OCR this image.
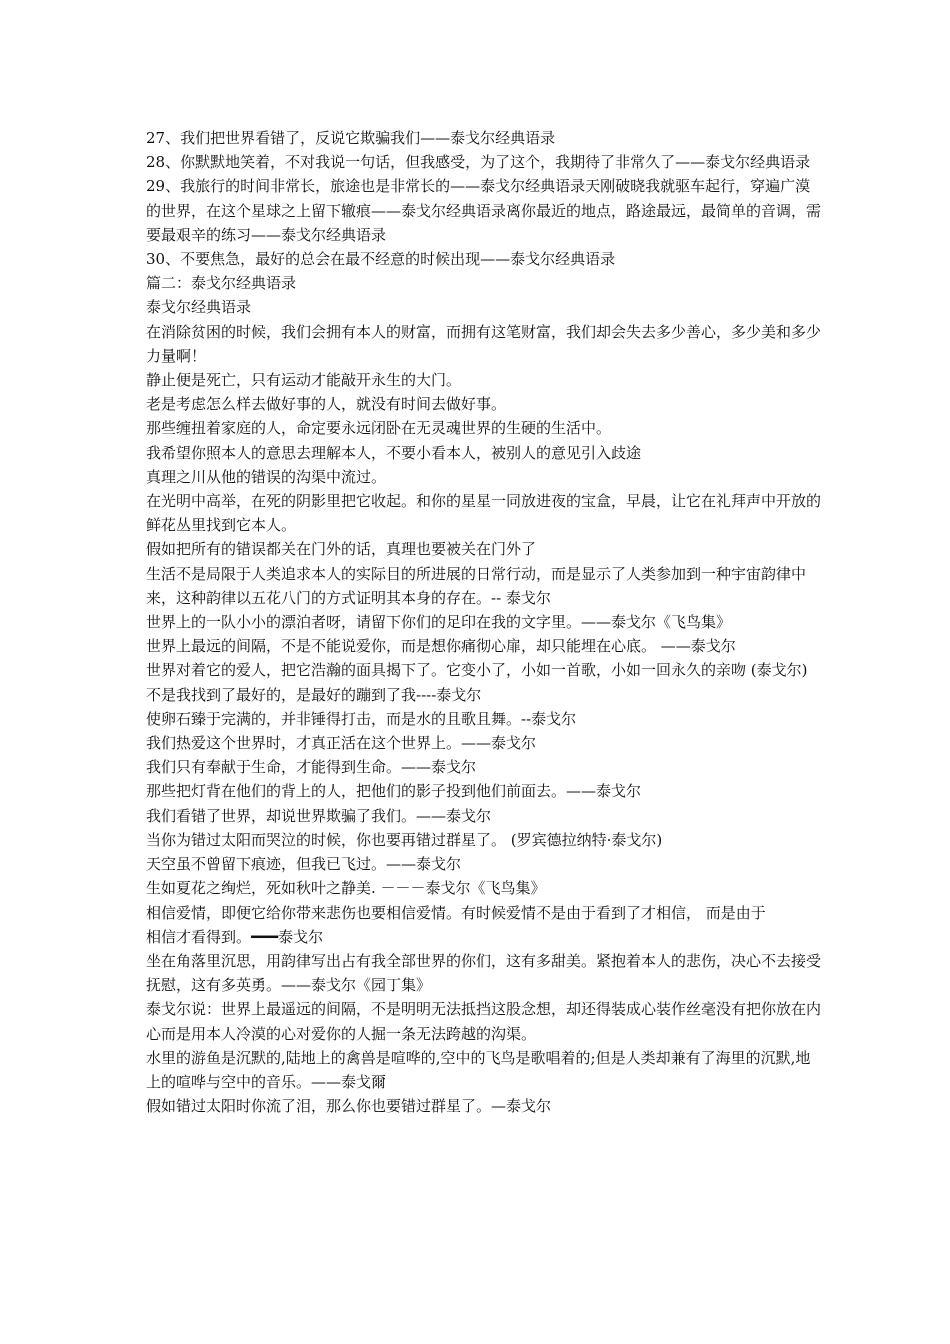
27、我们把世界看错了，反说它欺骗我们——泰戈尔经典语录

28、你默默地笑着，不对我说一句话，但我感受，为了这个，我期待了非常久了——泰戈尔经典语录

29、我旅行的时间非常长，旅途也是非常长的——泰戈尔经典语录天刚破晓我就驱车起行，穿遍广漠的世界，在这个星球之上留下辙痕——泰戈尔经典语录离你最近的地点，路途最远，最简单的音调，需要最艰辛的练习——泰戈尔经典语录

30、不要焦急，最好的总会在最不经意的时候出现——泰戈尔经典语录

篇二：泰戈尔经典语录

泰戈尔经典语录

在消除贫困的时候，我们会拥有本人的财富，而拥有这笔财富，我们却会失去多少善心，多少美和多少力量啊！

静止便是死亡，只有运动才能敲开永生的大门。

老是考虑怎么样去做好事的人，就没有时间去做好事。

那些缠扭着家庭的人，命定要永远闭卧在无灵魂世界的生硬的生活中。

我希望你照本人的意思去理解本人，不要小看本人，被别人的意见引入歧途

真理之川从他的错误的沟渠中流过。

在光明中高举，在死的阴影里把它收起。和你的星星一同放进夜的宝盒，早晨，让它在礼拜声中开放的鲜花丛里找到它本人。

假如把所有的错误都关在门外的话，真理也要被关在门外了

生活不是局限于人类追求本人的实际目的所进展的日常行动，而是显示了人类参加到一种宇宙韵律中来，这种韵律以五花八门的方式证明其本身的存在。-- 泰戈尔

世界上的一队小小的漂泊者呀，请留下你们的足印在我的文字里。——泰戈尔《飞鸟集》

世界上最远的间隔，不是不能说爱你，而是想你痛彻心扉，却只能埋在心底。 ——泰戈尔

世界对着它的爱人，把它浩瀚的面具揭下了。它变小了，小如一首歌，小如一回永久的亲吻 (泰戈尔)

不是我找到了最好的，是最好的蹦到了我----泰戈尔

使卵石臻于完满的，并非锤得打击，而是水的且歌且舞。--泰戈尔

我们热爱这个世界时，才真正活在这个世界上。——泰戈尔

我们只有奉献于生命，才能得到生命。——泰戈尔

那些把灯背在他们的背上的人，把他们的影子投到他们前面去。——泰戈尔

我们看错了世界，却说世界欺骗了我们。——泰戈尔

当你为错过太阳而哭泣的时候，你也要再错过群星了。 (罗宾德拉纳特·泰戈尔)

天空虽不曾留下痕迹，但我已飞过。——泰戈尔

生如夏花之绚烂，死如秋叶之静美. －－－泰戈尔《飞鸟集》

相信爱情，即便它给你带来悲伤也要相信爱情。有时候爱情不是由于看到了才相信， 而是由于

相信才看得到。━━━泰戈尔

坐在角落里沉思，用韵律写出占有我全部世界的你们，这有多甜美。紧抱着本人的悲伤，决心不去接受抚慰，这有多英勇。——泰戈尔《园丁集》

泰戈尔说：世界上最遥远的间隔，不是明明无法抵挡这股念想，却还得装成心装作丝毫没有把你放在内心而是用本人冷漠的心对爱你的人掘一条无法跨越的沟渠。

水里的游鱼是沉默的,陆地上的禽兽是喧哗的,空中的飞鸟是歌唱着的;但是人类却兼有了海里的沉默,地上的喧哗与空中的音乐。——泰戈爾

假如错过太阳时你流了泪，那么你也要错过群星了。—泰戈尔
